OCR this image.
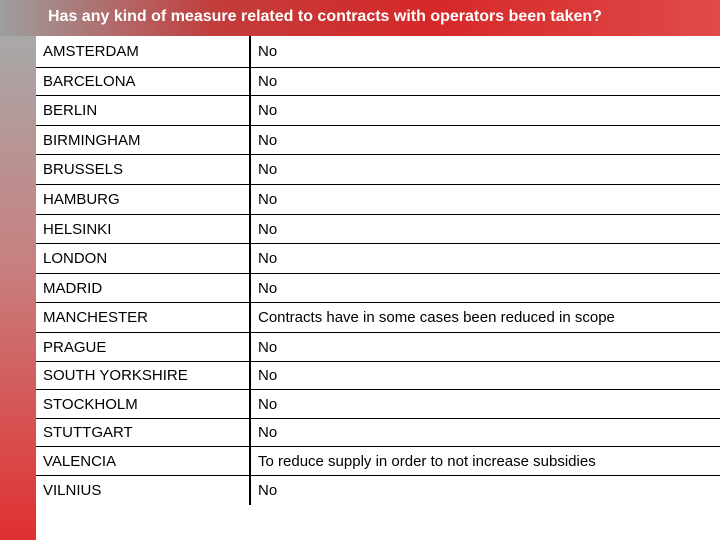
Has any kind of measure related to contracts with operators been taken?
AMSTERDAM	No
BARCELONA	No
BERLIN	No
BIRMINGHAM	No
BRUSSELS	No
HAMBURG	No
HELSINKI	No
LONDON	No
MADRID	No
MANCHESTER	Contracts have in some cases been reduced in scope
PRAGUE	No
SOUTH YORKSHIRE	No
STOCKHOLM	No
STUTTGART	No
VALENCIA	To reduce supply in order to not increase subsidies
VILNIUS	No
